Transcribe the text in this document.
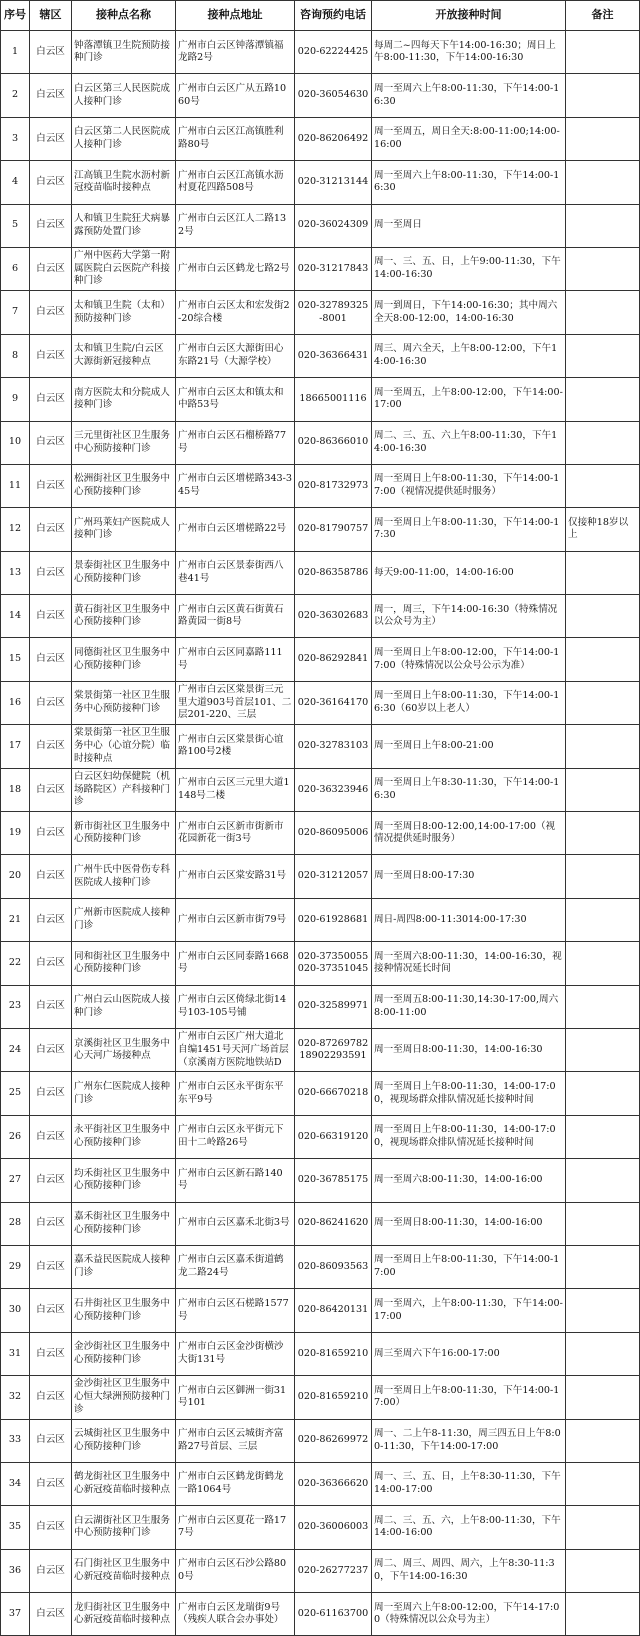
序号	辖区	接种点名称	接种点地址	咨询预约电话	开放接种时间	备注
1	白云区	钟落潭镇卫生院预防接种门诊	广州市白云区钟落潭镇福龙路2号	020-62224425	每周二~四每天下午14:00-16:30；周日上午8:00-11:30，下午14:00-16:30	
2	白云区	白云区第三人民医院成人接种门诊	广州市白云区广从五路1060号	020-36054630	周一至周六上午8:00-11:30，下午14:00-16:30	
3	白云区	白云区第二人民医院成人接种门诊	广州市白云区江高镇胜利路80号	020-86206492	周一至周五，周日全天:8:00-11:00;14:00-16:00	
4	白云区	江高镇卫生院水沥村新冠疫苗临时接种点	广州市白云区江高镇水沥村夏花四路508号	020-31213144	周一至周六上午8:00-11:30，下午14:00-16:30	
5	白云区	人和镇卫生院狂犬病暴露预防处置门诊	广州市白云区江人二路132号	020-36024309	周一至周日	
6	白云区	广州中医药大学第一附属医院白云医院产科接种门诊	广州市白云区鹤龙七路2号	020-31217843	周一、三、五、日，上午9:00-11:30，下午14:00-16:30	
7	白云区	太和镇卫生院（太和）预防接种门诊	广州市白云区太和宏发街2-20综合楼	020-32789325-8001	周一到周日，下午14:00-16:30；其中周六全天8:00-12:00，14:00-16:30	
8	白云区	太和镇卫生院/白云区大源街新冠接种点	广州市白云区大源街田心东路21号（大源学校）	020-36366431	周三、周六全天，上午8:00-12:00，下午14:00-16:30	
9	白云区	南方医院太和分院成人接种门诊	广州市白云区太和镇太和中路53号	18665001116	周一至周五，上午8:00-12:00，下午14:00-17:00	
10	白云区	三元里街社区卫生服务中心预防接种门诊	广州市白云区石榴桥路77号	020-86366010	周二、三、五、六上午8:00-11:30，下午14:00-16:30	
11	白云区	松洲街社区卫生服务中心预防接种门诊	广州市白云区增槎路343-345号	020-81732973	周一至周日上午8:00-11:30，下午14:00-17:00（视情况提供延时服务）	
12	白云区	广州玛莱妇产医院成人接种门诊	广州市白云区增槎路22号	020-81790757	周一至周日上午8:00-11:30，下午14:00-17:30	仅接种18岁以上
13	白云区	景泰街社区卫生服务中心预防接种门诊	广州市白云区景泰街西八巷41号	020-86358786	每天9:00-11:00，14:00-16:00	
14	白云区	黄石街社区卫生服务中心预防接种门诊	广州市白云区黄石街黄石路黄园一街8号	020-36302683	周一，周三，下午14:00-16:30（特殊情况以公众号为主）	
15	白云区	同德街社区卫生服务中心预防接种门诊	广州市白云区同嘉路111号	020-86292841	周一至周日上午8:00-12:00，下午14:00-17:00（特殊情况以公众号公示为准）	
16	白云区	棠景街第一社区卫生服务中心预防接种门诊	广州市白云区棠景街三元里大道903号首层101、二层201-220、三层	020-36164170	周一至周日上午8:00-11:30，下午14:00-16:30（60岁以上老人）	
17	白云区	棠景街第一社区卫生服务中心（心谊分院）临时接种点	广州市白云区棠景街心谊路100号2楼	020-32783103	周一至周日上午8:00-21:00	
18	白云区	白云区妇幼保健院（机场路院区）产科接种门诊	广州市白云区三元里大道1148号二楼	020-36323946	周一至周日上午8:30-11:30，下午14:00-16:30	
19	白云区	新市街社区卫生服务中心预防接种门诊	广州市白云区新市街新市花园新花一街3号	020-86095006	周一至周日8:00-12:00,14:00-17:00（视情况提供延时服务）	
20	白云区	广州牛氏中医骨伤专科医院成人接种门诊	广州市白云区棠安路31号	020-31212057	周一至周日8:00-17:30	
21	白云区	广州新市医院成人接种门诊	广州市白云区新市街79号	020-61928681	周日-周四8:00-11:3014:00-17:30	
22	白云区	同和街社区卫生服务中心预防接种门诊	广州市白云区同泰路1668号	020-37350055
020-37351045	周一至周六8:00-11:30，14:00-16:30，视接种情况延长时间	
23	白云区	广州白云山医院成人接种门诊	广州市白云区倚绿北街14号103-105号铺	020-32589971	周一至周五8:00-11:30,14:30-17:00,周六8:00-11:00	
24	白云区	京溪街社区卫生服务中心天河广场接种点	广州市白云区广州大道北自编1451号天河广场首层（京溪南方医院地铁站D	020-87269782
18902293591	周一至周日8:00-11:30，14:00-16:30	
25	白云区	广州东仁医院成人接种门诊	广州市白云区永平街东平东平9号	020-66670218	周一至周日上午8:00-11:30，14:00-17:00，视现场群众排队情况延长接种时间	
26	白云区	永平街社区卫生服务中心预防接种门诊	广州市白云区永平街元下田十二岭路26号	020-66319120	周一至周日上午8:00-11:30，14:00-17:00，视现场群众排队情况延长接种时间	
27	白云区	均禾街社区卫生服务中心预防接种门诊	广州市白云区新石路140号	020-36785175	周一至周六8:00-11:30，14:00-16:00	
28	白云区	嘉禾街社区卫生服务中心预防接种门诊	广州市白云区嘉禾北街3号	020-86241620	周一至周日8:00-11:30，14:00-16:00	
29	白云区	嘉禾益民医院成人接种门诊	广州市白云区嘉禾街道鹤龙二路24号	020-86093563	周一至周日上午8:00-11:30，下午14:00-17:00	
30	白云区	石井街社区卫生服务中心预防接种门诊	广州市白云区石槎路1577号	020-86420131	周一至周六，上午8:00-11:30，下午14:00-17:00	
31	白云区	金沙街社区卫生服务中心预防接种门诊	广州市白云区金沙街横沙大街131号	020-81659210	周三至周六下午16:00-17:00	
32	白云区	金沙街社区卫生服务中心恒大绿洲预防接种门诊	广州市白云区御洲一街31号101	020-81659210	周一至周日上午8:00-11:30，下午14:00-17:00）	
33	白云区	云城街社区卫生服务中心预防接种门诊	广州市白云区云城街齐富路27号首层、三层	020-86269972	周一、二上午8-11:30，周三四五日上午8:00-11:30，下午14:00-17:00	
34	白云区	鹤龙街社区卫生服务中心新冠疫苗临时接种点	广州市白云区鹤龙街鹤龙一路1064号	020-36366620	周一、三、五、日，上午8:30-11:30，下午14:00-17:00	
35	白云区	白云湖街社区卫生服务中心预防接种门诊	广州市白云区夏花一路177号	020-36006003	周二、三、五、六，上午8:00-11:30，下午14:00-16:00	
36	白云区	石门街社区卫生服务中心新冠疫苗临时接种点	广州市白云区石沙公路800号	020-26277237	周二、周三、周四、周六，上午8:30-11:30，下午14:00-16:30	
37	白云区	龙归街社区卫生服务中心新冠疫苗临时接种点	广州市白云区龙瑞街9号（残疾人联合会办事处）	020-61163700	周一至周六上午8:00-12:00，下午14-17:00（特殊情况以公众号为主）	
